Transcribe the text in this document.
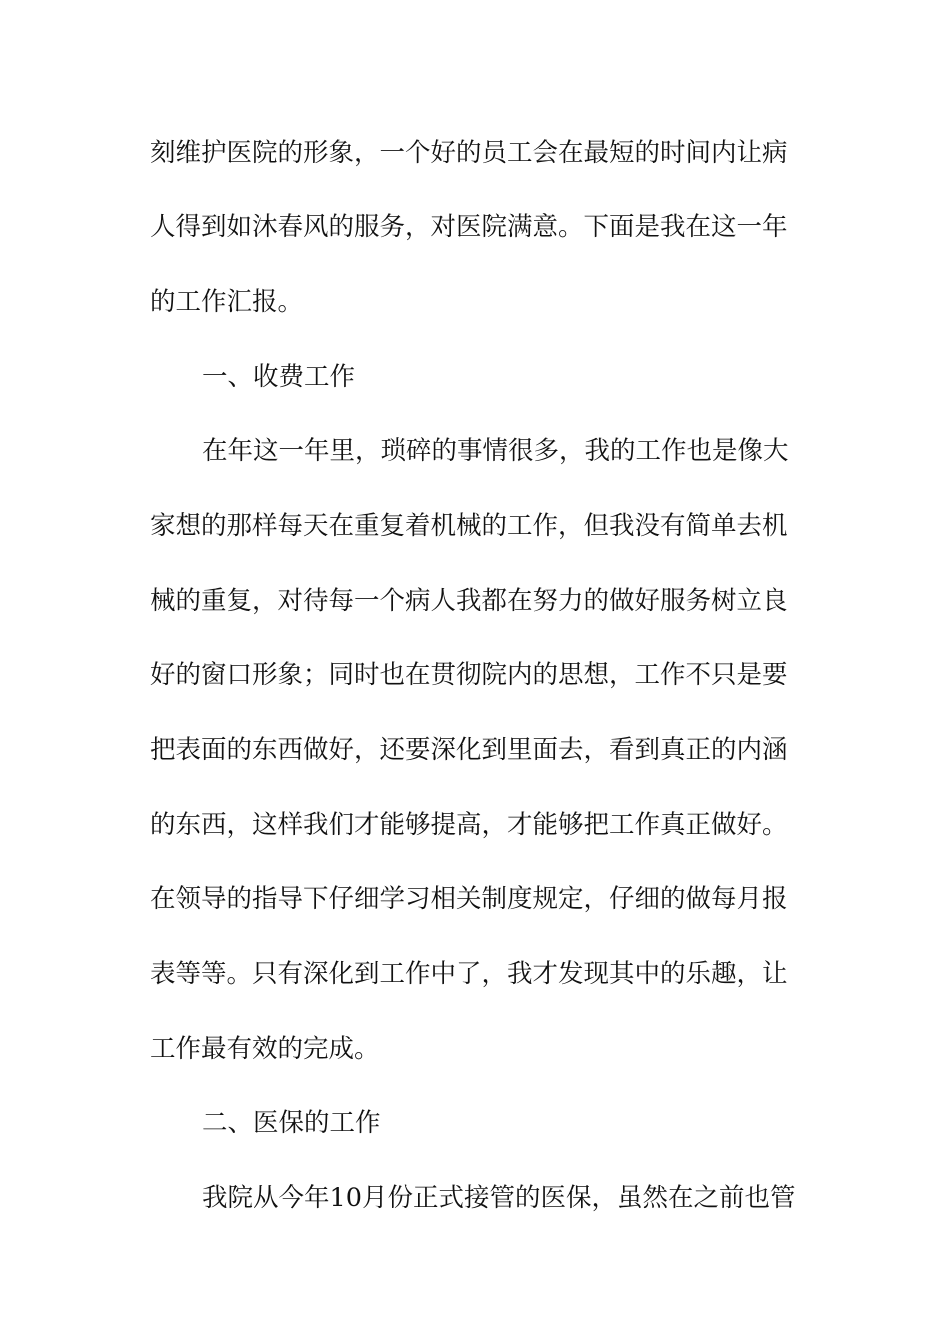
刻维护医院的形象，一个好的员工会在最短的时间内让病
人得到如沐春风的服务，对医院满意。下面是我在这一年
的工作汇报。
一、收费工作
在年这一年里，琐碎的事情很多，我的工作也是像大
家想的那样每天在重复着机械的工作，但我没有简单去机
械的重复，对待每一个病人我都在努力的做好服务树立良
好的窗口形象；同时也在贯彻院内的思想，工作不只是要
把表面的东西做好，还要深化到里面去，看到真正的内涵
的东西，这样我们才能够提高，才能够把工作真正做好。
在领导的指导下仔细学习相关制度规定，仔细的做每月报
表等等。只有深化到工作中了，我才发现其中的乐趣，让
工作最有效的完成。
二、医保的工作
我院从今年10月份正式接管的医保，虽然在之前也管
